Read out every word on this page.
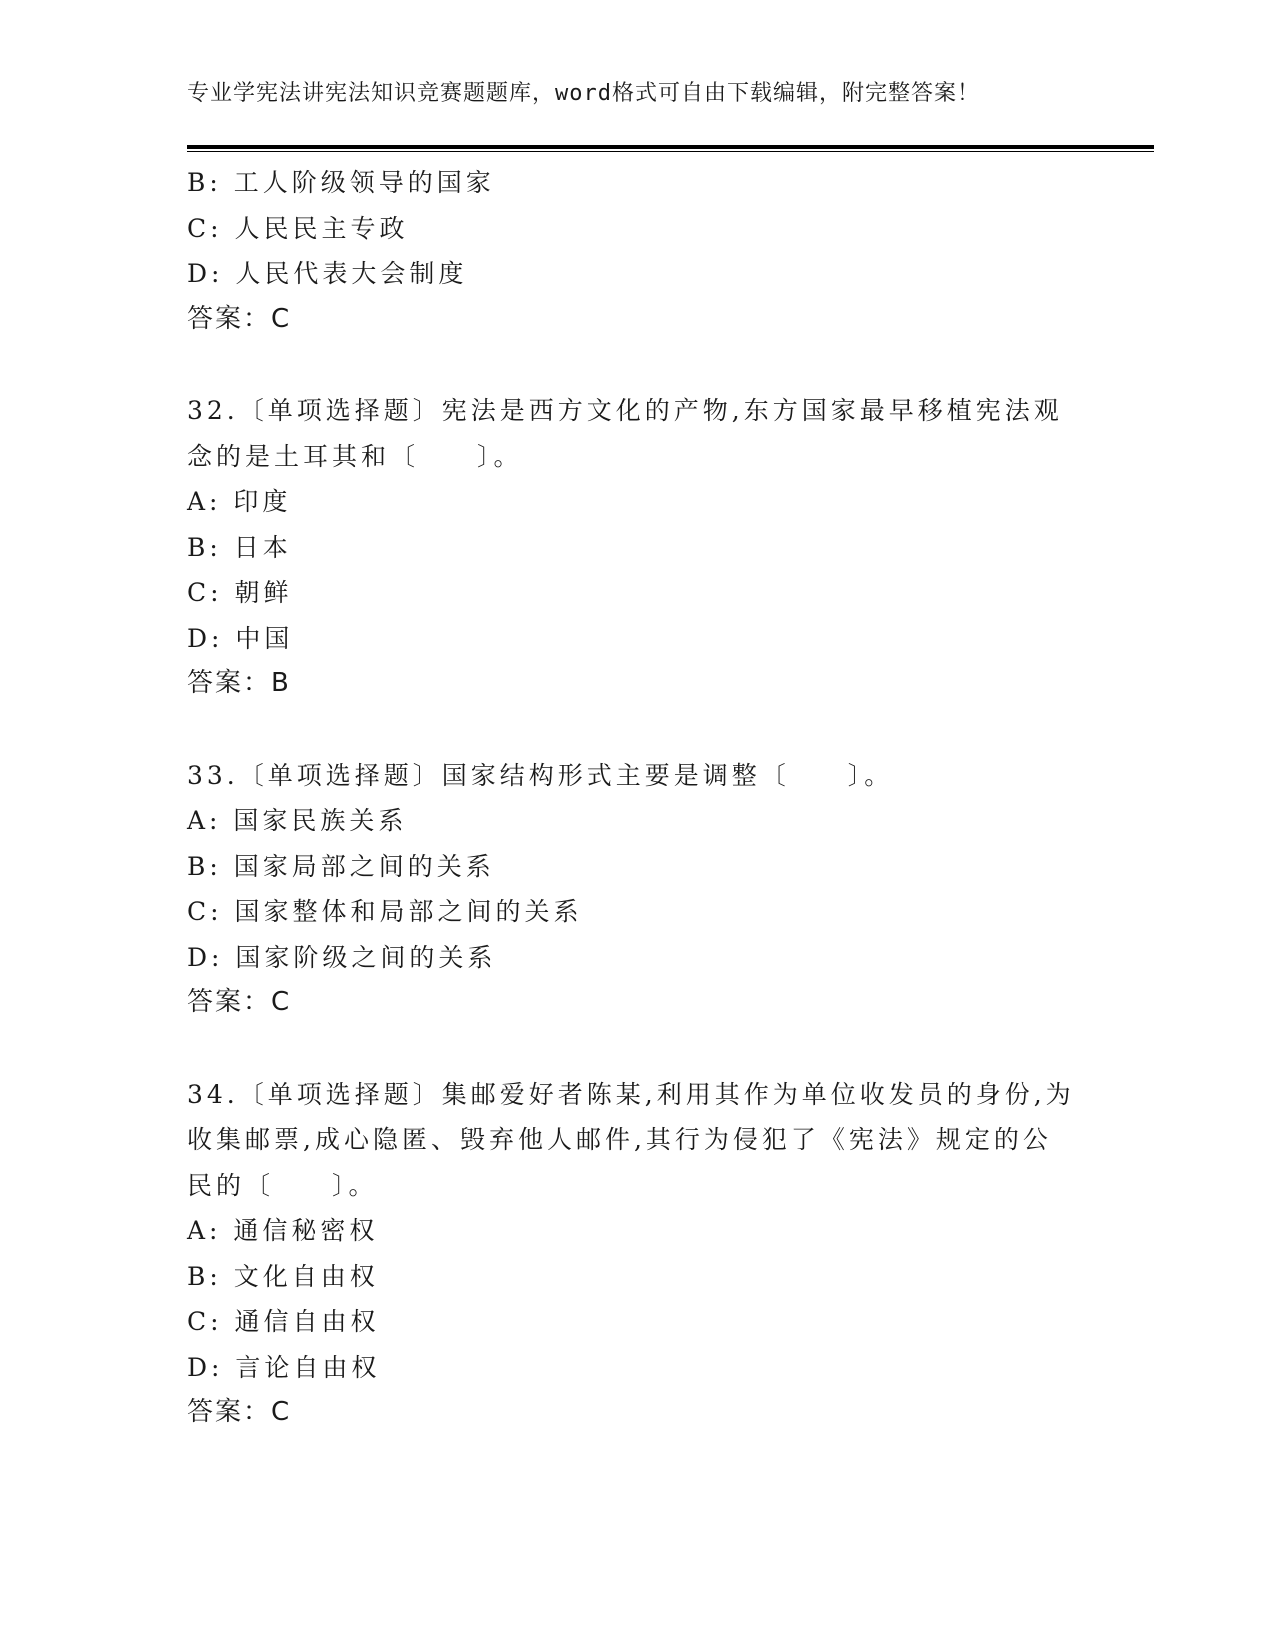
专业学宪法讲宪法知识竞赛题题库，word格式可自由下载编辑，附完整答案！
B: 工人阶级领导的国家
C: 人民民主专政
D: 人民代表大会制度
答案：C
32.〔单项选择题〕宪法是西方文化的产物,东方国家最早移植宪法观
念的是土耳其和〔　　〕。
A: 印度
B: 日本
C: 朝鲜
D: 中国
答案：B
33.〔单项选择题〕国家结构形式主要是调整〔　　〕。
A: 国家民族关系
B: 国家局部之间的关系
C: 国家整体和局部之间的关系
D: 国家阶级之间的关系
答案：C
34.〔单项选择题〕集邮爱好者陈某,利用其作为单位收发员的身份,为
收集邮票,成心隐匿、毁弃他人邮件,其行为侵犯了《宪法》规定的公
民的〔　　〕。
A: 通信秘密权
B: 文化自由权
C: 通信自由权
D: 言论自由权
答案：C
